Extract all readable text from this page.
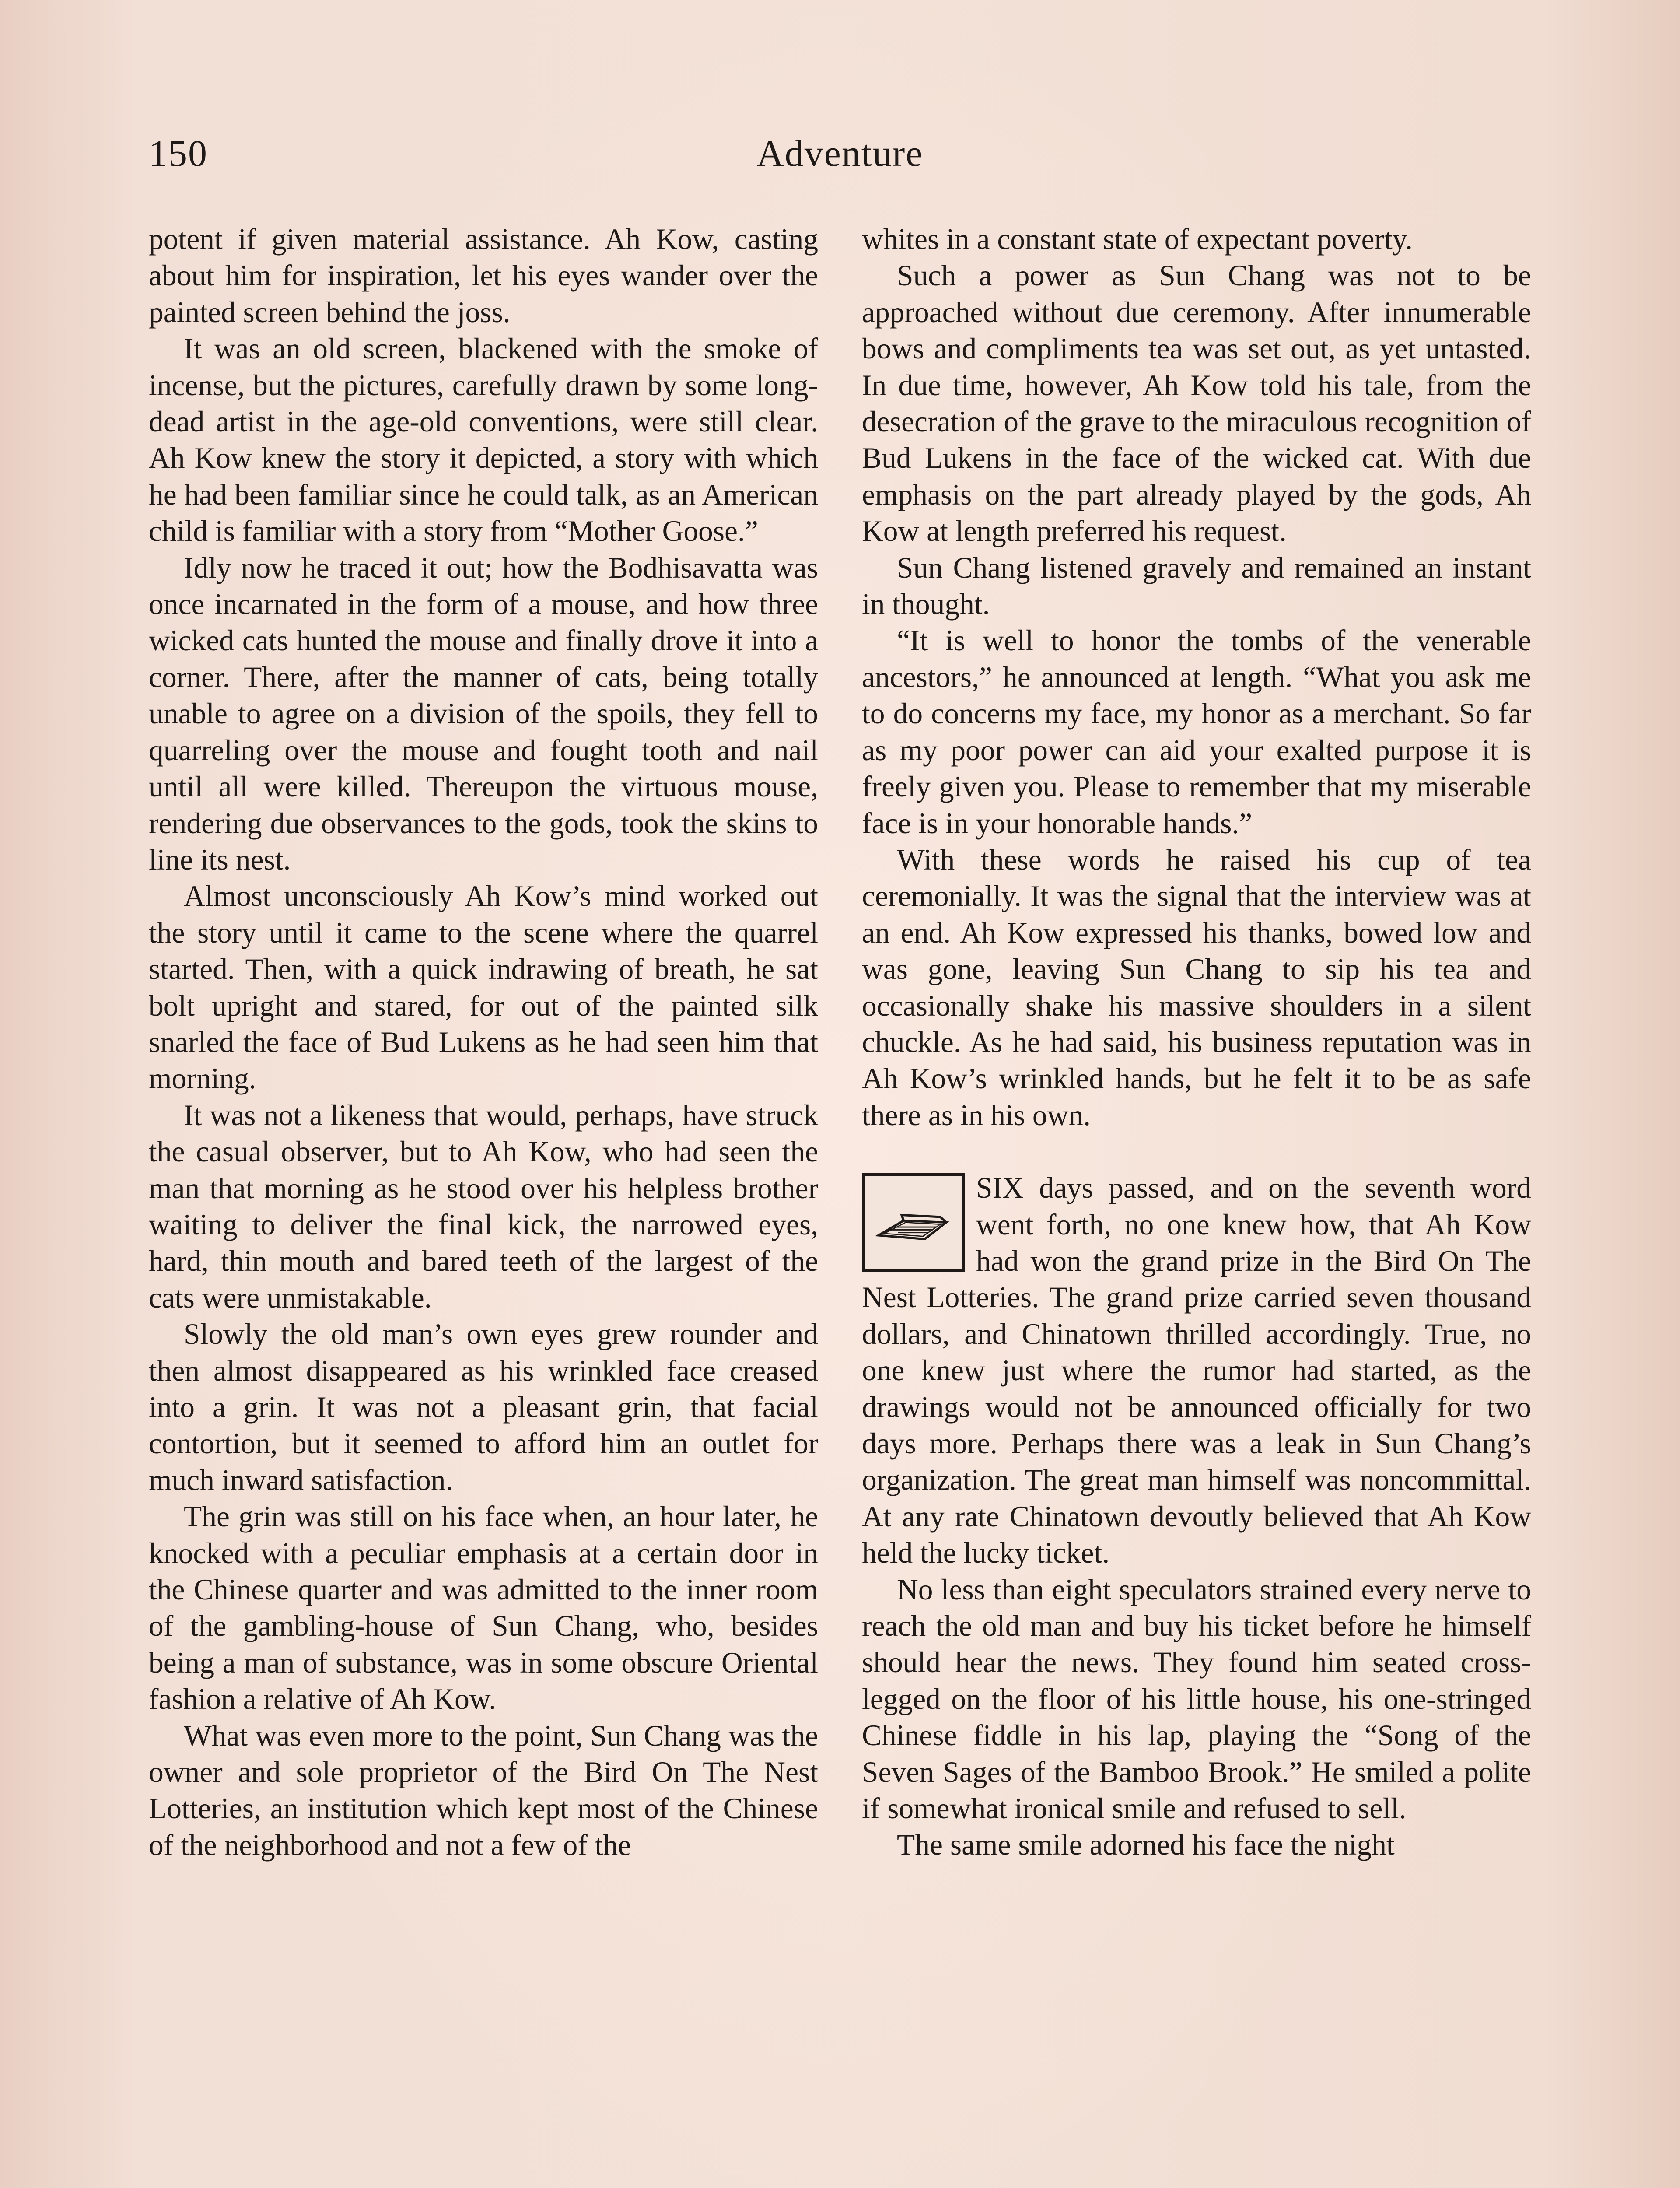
150	Adventure

potent if given material assistance. Ah Kow, casting about him for inspiration, let his eyes wander over the painted screen behind the joss.

It was an old screen, blackened with the smoke of incense, but the pictures, carefully drawn by some long-dead artist in the age-old conventions, were still clear. Ah Kow knew the story it depicted, a story with which he had been familiar since he could talk, as an American child is familiar with a story from “Mother Goose.”

Idly now he traced it out; how the Bodhisavatta was once incarnated in the form of a mouse, and how three wicked cats hunted the mouse and finally drove it into a corner. There, after the manner of cats, being totally unable to agree on a division of the spoils, they fell to quarreling over the mouse and fought tooth and nail until all were killed. Thereupon the virtuous mouse, rendering due observances to the gods, took the skins to line its nest.

Almost unconsciously Ah Kow’s mind worked out the story until it came to the scene where the quarrel started. Then, with a quick indrawing of breath, he sat bolt upright and stared, for out of the painted silk snarled the face of Bud Lukens as he had seen him that morning.

It was not a likeness that would, perhaps, have struck the casual observer, but to Ah Kow, who had seen the man that morning as he stood over his helpless brother waiting to deliver the final kick, the narrowed eyes, hard, thin mouth and bared teeth of the largest of the cats were unmistakable.

Slowly the old man’s own eyes grew rounder and then almost disappeared as his wrinkled face creased into a grin. It was not a pleasant grin, that facial contortion, but it seemed to afford him an outlet for much inward satisfaction.

The grin was still on his face when, an hour later, he knocked with a peculiar emphasis at a certain door in the Chinese quarter and was admitted to the inner room of the gambling-house of Sun Chang, who, besides being a man of substance, was in some obscure Oriental fashion a relative of Ah Kow.

What was even more to the point, Sun Chang was the owner and sole proprietor of the Bird On The Nest Lotteries, an institution which kept most of the Chinese of the neighborhood and not a few of the

whites in a constant state of expectant poverty.

Such a power as Sun Chang was not to be approached without due ceremony. After innumerable bows and compliments tea was set out, as yet untasted. In due time, however, Ah Kow told his tale, from the desecration of the grave to the miraculous recognition of Bud Lukens in the face of the wicked cat. With due emphasis on the part already played by the gods, Ah Kow at length preferred his request.

Sun Chang listened gravely and remained an instant in thought.

“It is well to honor the tombs of the venerable ancestors,” he announced at length. “What you ask me to do concerns my face, my honor as a merchant. So far as my poor power can aid your exalted purpose it is freely given you. Please to remember that my miserable face is in your honorable hands.”

With these words he raised his cup of tea ceremonially. It was the signal that the interview was at an end. Ah Kow expressed his thanks, bowed low and was gone, leaving Sun Chang to sip his tea and occasionally shake his massive shoulders in a silent chuckle. As he had said, his business reputation was in Ah Kow’s wrinkled hands, but he felt it to be as safe there as in his own.

SIX days passed, and on the seventh word went forth, no one knew how, that Ah Kow had won the grand prize in the Bird On The Nest Lotteries. The grand prize carried seven thousand dollars, and Chinatown thrilled accordingly. True, no one knew just where the rumor had started, as the drawings would not be announced officially for two days more. Perhaps there was a leak in Sun Chang’s organization. The great man himself was noncommittal. At any rate Chinatown devoutly believed that Ah Kow held the lucky ticket.

No less than eight speculators strained every nerve to reach the old man and buy his ticket before he himself should hear the news. They found him seated cross-legged on the floor of his little house, his one-stringed Chinese fiddle in his lap, playing the “Song of the Seven Sages of the Bamboo Brook.” He smiled a polite if somewhat ironical smile and refused to sell.

The same smile adorned his face the night
